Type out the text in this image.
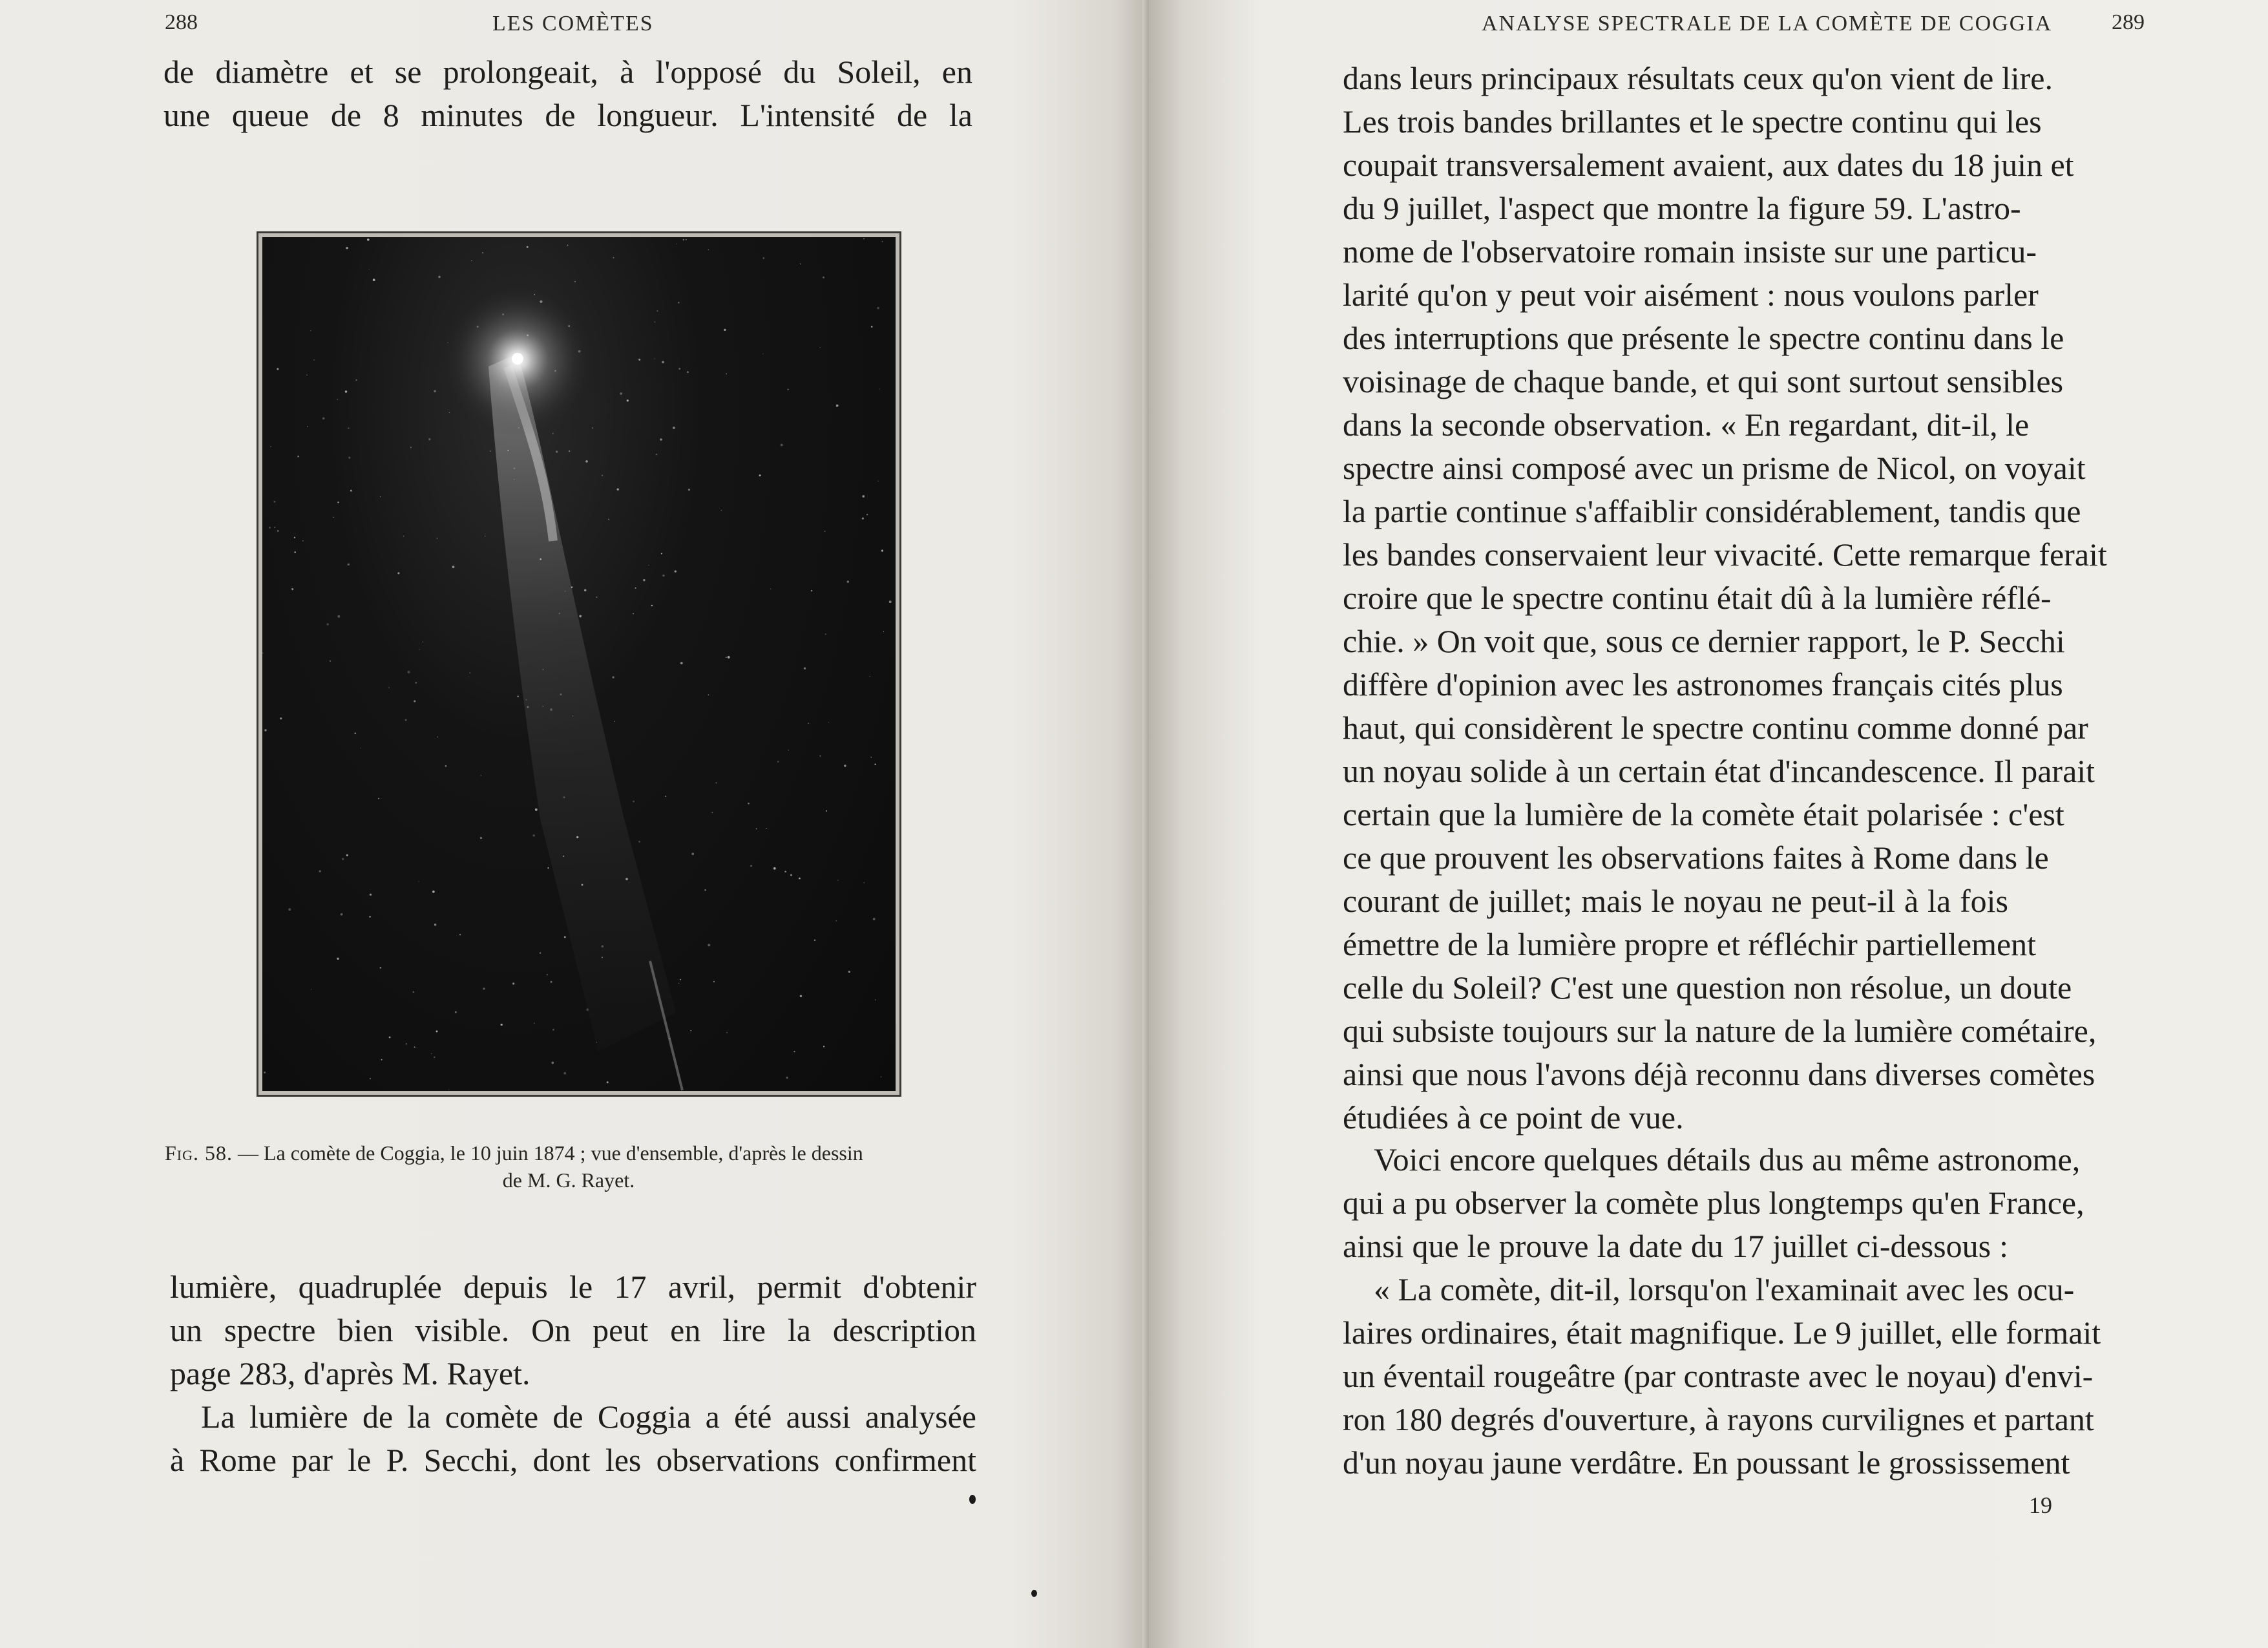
288	LES COMÈTES
de diamètre et se prolongeait, à l'opposé du Soleil, en
une queue de 8 minutes de longueur. L'intensité de la
Fig. 58. — La comète de Coggia, le 10 juin 1874 ; vue d'ensemble, d'après le dessin
de M. G. Rayet.
lumière, quadruplée depuis le 17 avril, permit d'obtenir
un spectre bien visible. On peut en lire la description
page 283, d'après M. Rayet.
La lumière de la comète de Coggia a été aussi analysée
à Rome par le P. Secchi, dont les observations confirment
ANALYSE SPECTRALE DE LA COMÈTE DE COGGIA	289
dans leurs principaux résultats ceux qu'on vient de lire.
Les trois bandes brillantes et le spectre continu qui les
coupait transversalement avaient, aux dates du 18 juin et
du 9 juillet, l'aspect que montre la figure 59. L'astro-
nome de l'observatoire romain insiste sur une particu-
larité qu'on y peut voir aisément : nous voulons parler
des interruptions que présente le spectre continu dans le
voisinage de chaque bande, et qui sont surtout sensibles
dans la seconde observation. « En regardant, dit-il, le
spectre ainsi composé avec un prisme de Nicol, on voyait
la partie continue s'affaiblir considérablement, tandis que
les bandes conservaient leur vivacité. Cette remarque ferait
croire que le spectre continu était dû à la lumière réflé-
chie. » On voit que, sous ce dernier rapport, le P. Secchi
diffère d'opinion avec les astronomes français cités plus
haut, qui considèrent le spectre continu comme donné par
un noyau solide à un certain état d'incandescence. Il parait
certain que la lumière de la comète était polarisée : c'est
ce que prouvent les observations faites à Rome dans le
courant de juillet; mais le noyau ne peut-il à la fois
émettre de la lumière propre et réfléchir partiellement
celle du Soleil? C'est une question non résolue, un doute
qui subsiste toujours sur la nature de la lumière cométaire,
ainsi que nous l'avons déjà reconnu dans diverses comètes
étudiées à ce point de vue.
Voici encore quelques détails dus au même astronome,
qui a pu observer la comète plus longtemps qu'en France,
ainsi que le prouve la date du 17 juillet ci-dessous :
« La comète, dit-il, lorsqu'on l'examinait avec les ocu-
laires ordinaires, était magnifique. Le 9 juillet, elle formait
un éventail rougeâtre (par contraste avec le noyau) d'envi-
ron 180 degrés d'ouverture, à rayons curvilignes et partant
d'un noyau jaune verdâtre. En poussant le grossissement
19
